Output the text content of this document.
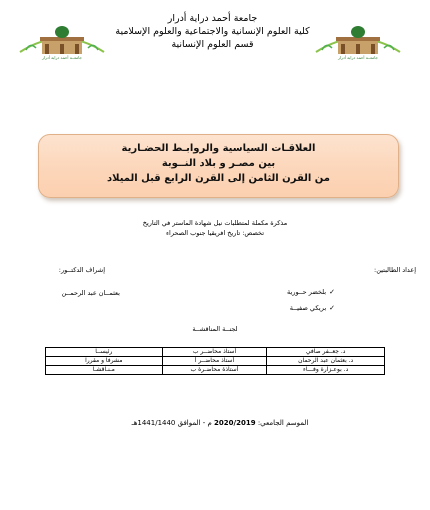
جامعــة أحمد دراية أدرار	جامعــة أحمد دراية أدرار
جامعة أحمد دراية أدرار
كلية العلوم الإنسانية والاجتماعية والعلوم الإسلامية
قسم العلوم الإنسانية
العلاقـات السياسية والروابـط الحضـارية
بين مصـر و بلاد النــوبة
من القرن الثامن إلى القرن الرابع قبل الميلاد
مذكرة مكملة لمتطلبات نيل شهادة الماستر في التاريخ
تخصص: تاريخ افريقيا جنوب الصحراء
إعداد الطالبتين:
إشراف الدكتــور:
✓بلخضر حــورية
✓بريكي صفيــة
بعثمــان عبد الرحمــن
لجنــة المناقشــة
د. جعــفر صافي	أستاذ محاضــر ب	رئيســا
د. بعثمان عبد الرحمان	أستاذ محاضــر أ	مشرفا و مقررا
د. بوعـزارة وفـــاء	أستاذة محاضـرة ب	مـنـاقشـا
الموسم الجامعي: 2020/2019 م - الموافق 1441/1440هـ
